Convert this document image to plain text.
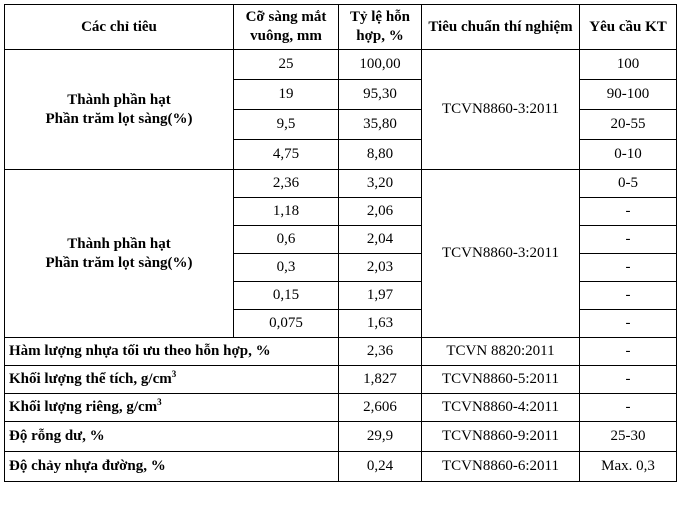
Các chỉ tiêu	Cỡ sàng mắt vuông, mm	Tỷ lệ hỗn hợp, %	Tiêu chuẩn thí nghiệm	Yêu cầu KT

Thành phần hạt
Phần trăm lọt sàng(%)	25	100,00	TCVN8860-3:2011	100
	19	95,30		90-100
	9,5	35,80		20-55
	4,75	8,80		0-10

Thành phần hạt
Phần trăm lọt sàng(%)	2,36	3,20	TCVN8860-3:2011	0-5
	1,18	2,06		-
	0,6	2,04		-
	0,3	2,03		-
	0,15	1,97		-
	0,075	1,63		-
Hàm lượng nhựa tối ưu theo hỗn hợp, %		2,36	TCVN 8820:2011	-
Khối lượng thể tích, $g/cm^3$		1,827	TCVN8860-5:2011	-
Khối lượng riêng, $g/cm^3$		2,606	TCVN8860-4:2011	-
Độ rỗng dư, %		29,9	TCVN8860-9:2011	25-30
Độ chảy nhựa đường, %		0,24	TCVN8860-6:2011	Max. 0,3
